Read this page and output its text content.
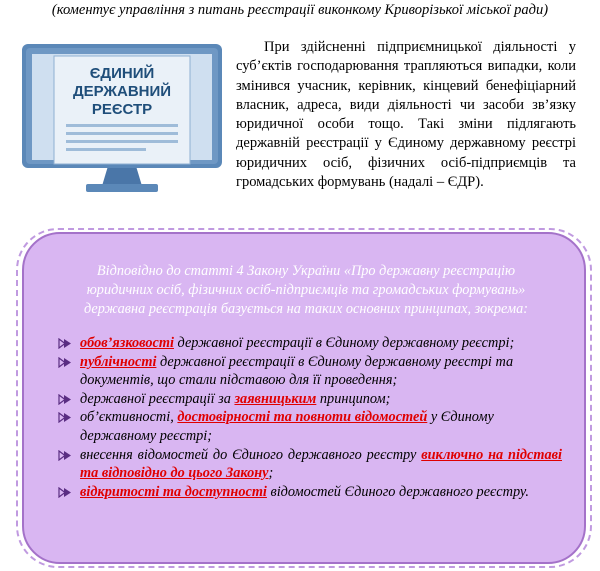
(коментує управління з питань реєстрації виконкому Криворізької міської ради)
ЄДИНИЙ
ДЕРЖАВНИЙ
РЕЄСТР

При здійсненні підприємницької діяльності у суб’єктів господарювання трапляються випадки, коли змінився учасник, керівник, кінцевий бенефіціарний власник, адреса, види діяльності чи засоби зв’язку юридичної особи тощо. Такі зміни підлягають державній реєстрації у Єдиному державному реєстрі юридичних осіб, фізичних осіб-підприємців та громадських формувань (надалі – ЄДР).

Відповідно до статті 4 Закону України «Про державну реєстрацію
юридичних осіб, фізичних осіб-підприємців та громадських формувань»
державна реєстрація базується на таких основних принципах, зокрема:
обов’язковості державної реєстрації в Єдиному державному реєстрі;
публічності державної реєстрації в Єдиному державному реєстрі та документів, що стали підставою для її проведення;
державної реєстрації за заявницьким принципом;
об’єктивності, достовірності та повноти відомостей у Єдиному державному реєстрі;
внесення відомостей до Єдиного державного реєстру виключно на підставі та відповідно до цього Закону;
відкритості та доступності відомостей Єдиного державного реєстру.
